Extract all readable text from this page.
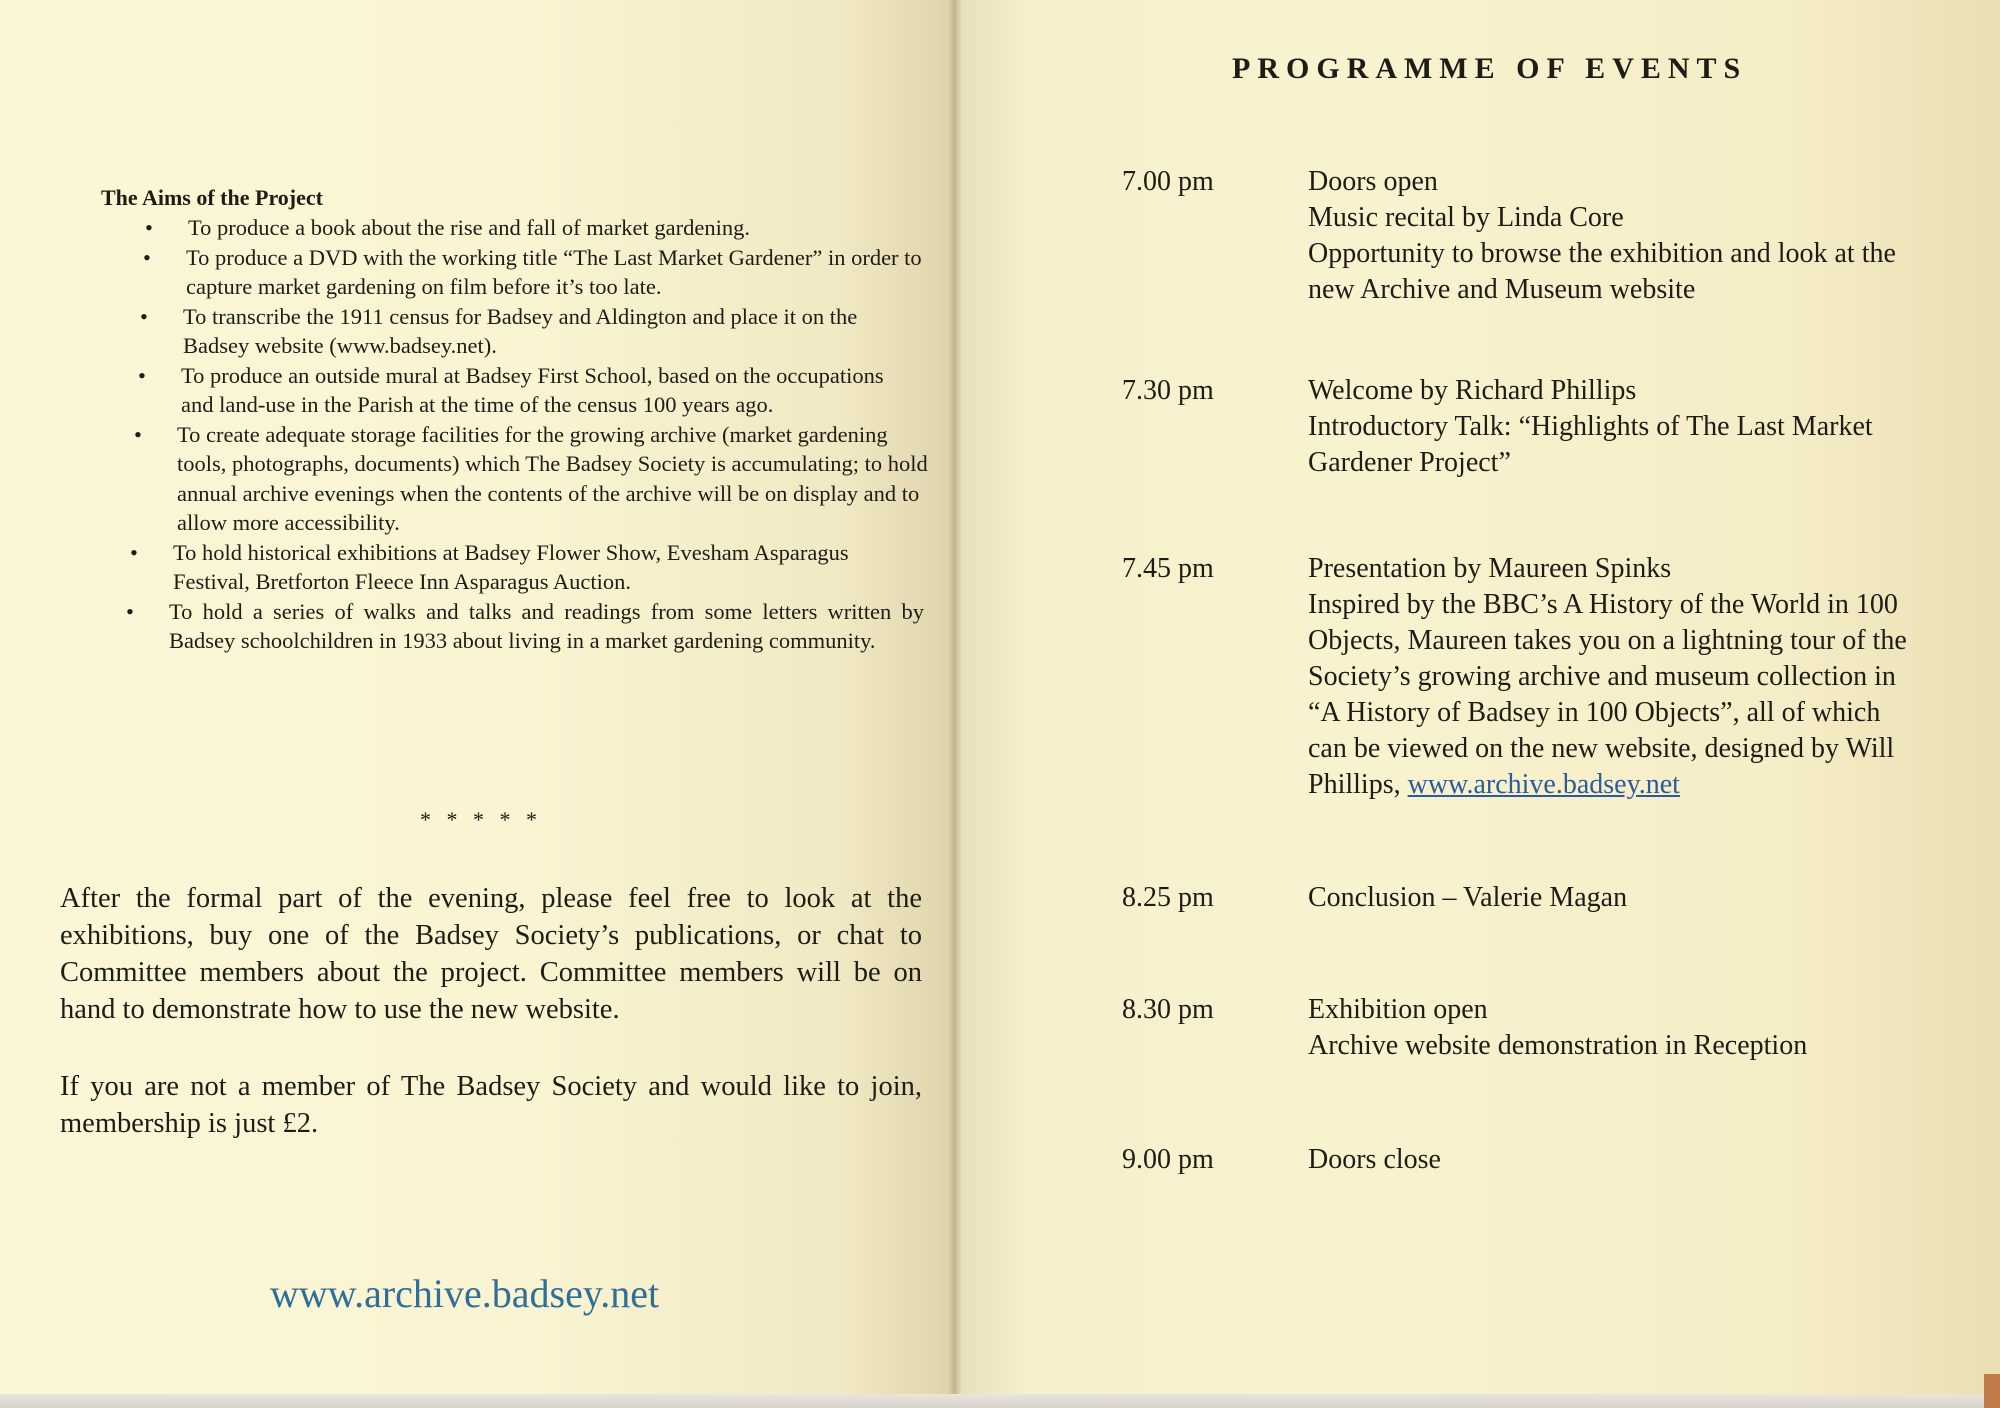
The Aims of the Project
• To produce a book about the rise and fall of market gardening.
• To produce a DVD with the working title “The Last Market Gardener” in order to capture market gardening on film before it’s too late.
• To transcribe the 1911 census for Badsey and Aldington and place it on the Badsey website (www.badsey.net).
• To produce an outside mural at Badsey First School, based on the occupations and land-use in the Parish at the time of the census 100 years ago.
• To create adequate storage facilities for the growing archive (market gardening tools, photographs, documents) which The Badsey Society is accumulating; to hold annual archive evenings when the contents of the archive will be on display and to allow more accessibility.
• To hold historical exhibitions at Badsey Flower Show, Evesham Asparagus Festival, Bretforton Fleece Inn Asparagus Auction.
• To hold a series of walks and talks and readings from some letters written by Badsey schoolchildren in 1933 about living in a market gardening community.
* * * * *

After the formal part of the evening, please feel free to look at the exhibitions, buy one of the Badsey Society’s publications, or chat to Committee members about the project. Committee members will be on hand to demonstrate how to use the new website.

If you are not a member of The Badsey Society and would like to join, membership is just £2.

www.archive.badsey.net
PROGRAMME OF EVENTS
7.00 pm	Doors open
Music recital by Linda Core
Opportunity to browse the exhibition and look at the
new Archive and Museum website
7.30 pm	Welcome by Richard Phillips
Introductory Talk: “Highlights of The Last Market
Gardener Project”
7.45 pm	Presentation by Maureen Spinks
Inspired by the BBC’s A History of the World in 100
Objects, Maureen takes you on a lightning tour of the
Society’s growing archive and museum collection in
“A History of Badsey in 100 Objects”, all of which
can be viewed on the new website, designed by Will
Phillips, www.archive.badsey.net
8.25 pm	Conclusion – Valerie Magan
8.30 pm	Exhibition open
Archive website demonstration in Reception
9.00 pm	Doors close
